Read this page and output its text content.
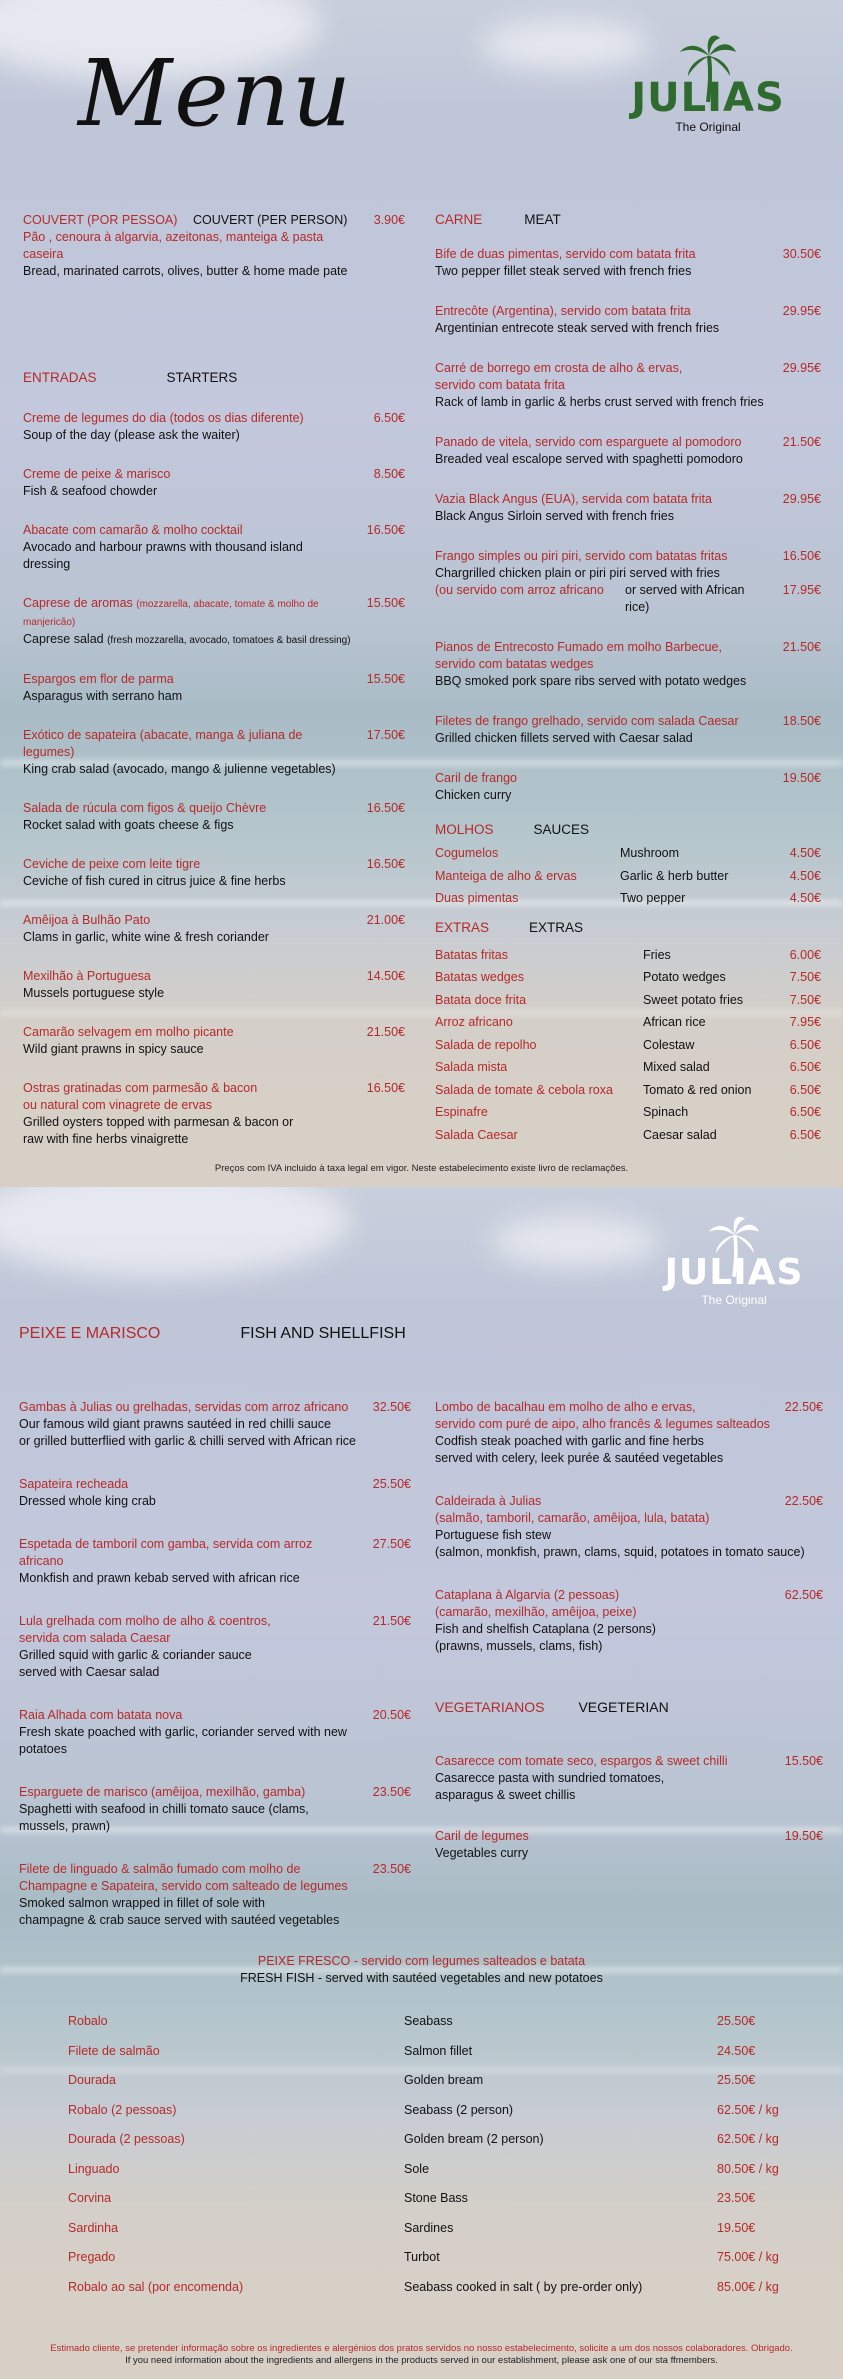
Menu	JULIAS
The Original
COUVERT (POR PESSOA)	COUVERT (PER PERSON)	3.90€
Pão , cenoura à algarvia, azeitonas, manteiga & pasta caseira
Bread, marinated carrots, olives, butter & home made pate
ENTRADAS	STARTERS
Creme de legumes do dia (todos os dias diferente)
Soup of the day (please ask the waiter)
6.50€
Creme de peixe & marisco
Fish & seafood chowder
8.50€
Abacate com camarão & molho cocktail
Avocado and harbour prawns with thousand island dressing
16.50€
Caprese de aromas (mozzarella, abacate, tomate & molho de manjericão)
Caprese salad (fresh mozzarella, avocado, tomatoes & basil dressing)
15.50€
Espargos em flor de parma
Asparagus with serrano ham
15.50€
Exótico de sapateira (abacate, manga & juliana de legumes)
King crab salad (avocado, mango & julienne vegetables)
17.50€
Salada de rúcula com figos & queijo Chèvre
Rocket salad with goats cheese & figs
16.50€
Ceviche de peixe com leite tigre
Ceviche of fish cured in citrus juice & fine herbs
16.50€
Amêijoa à Bulhão Pato
Clams in garlic, white wine & fresh coriander
21.00€
Mexilhão à Portuguesa
Mussels portuguese style
14.50€
Camarão selvagem em molho picante
Wild giant prawns in spicy sauce
21.50€
Ostras gratinadas com parmesão & bacon
ou natural com vinagrete de ervas
Grilled oysters topped with parmesan & bacon or
raw with fine herbs vinaigrette
16.50€
CARNE	MEAT
Bife de duas pimentas, servido com batata frita
Two pepper fillet steak served with french fries
30.50€
Entrecôte (Argentina), servido com batata frita
Argentinian entrecote steak served with french fries
29.95€
Carré de borrego em crosta de alho & ervas,
servido com batata frita
Rack of lamb in garlic & herbs crust served with french fries
29.95€
Panado de vitela, servido com esparguete al pomodoro
Breaded veal escalope served with spaghetti pomodoro
21.50€
Vazia Black Angus (EUA), servida com batata frita
Black Angus Sirloin served with french fries
29.95€
Frango simples ou piri piri, servido com batatas fritas
Chargrilled chicken plain or piri piri served with fries
(ou servido com arroz africano	or served with African rice)
16.50€
17.95€
Pianos de Entrecosto Fumado em molho Barbecue,
servido com batatas wedges
BBQ smoked pork spare ribs served with potato wedges
21.50€
Filetes de frango grelhado, servido com salada Caesar
Grilled chicken fillets served with Caesar salad
18.50€
Caril de frango
Chicken curry
19.50€
MOLHOS	SAUCES
Cogumelos	Mushroom	4.50€
Manteiga de alho & ervas	Garlic & herb butter	4.50€
Duas pimentas	Two pepper	4.50€
EXTRAS	EXTRAS
Batatas fritas	Fries	6.00€
Batatas wedges	Potato wedges	7.50€
Batata doce frita	Sweet potato fries	7.50€
Arroz africano	African rice	7.95€
Salada de repolho	Colestaw	6.50€
Salada mista	Mixed salad	6.50€
Salada de tomate & cebola roxa	Tomato & red onion	6.50€
Espinafre	Spinach	6.50€
Salada Caesar	Caesar salad	6.50€
Preços com IVA incluido à taxa legal em vigor. Neste estabelecimento existe livro de reclamações.
JULIAS
The Original
PEIXE E MARISCO	FISH AND SHELLFISH
Gambas à Julias ou grelhadas, servidas com arroz africano
Our famous wild giant prawns sautéed in red chilli sauce
or grilled butterflied with garlic & chilli served with African rice
32.50€
Sapateira recheada
Dressed whole king crab
25.50€
Espetada de tamboril com gamba, servida com arroz africano
Monkfish and prawn kebab served with african rice
27.50€
Lula grelhada com molho de alho & coentros,
servida com salada Caesar
Grilled squid with garlic & coriander sauce
served with Caesar salad
21.50€
Raia Alhada com batata nova
Fresh skate poached with garlic, coriander served with new potatoes
20.50€
Esparguete de marisco (amêijoa, mexilhão, gamba)
Spaghetti with seafood in chilli tomato sauce (clams, mussels, prawn)
23.50€
Filete de linguado & salmão fumado com molho de
Champagne e Sapateira, servido com salteado de legumes
Smoked salmon wrapped in fillet of sole with
champagne & crab sauce served with sautéed vegetables
23.50€
Lombo de bacalhau em molho de alho e ervas,
servido com puré de aipo, alho francês & legumes salteados
Codfish steak poached with garlic and fine herbs
served with celery, leek purée & sautéed vegetables
22.50€
Caldeirada à Julias
(salmão, tamboril, camarão, amêijoa, lula, batata)
Portuguese fish stew
(salmon, monkfish, prawn, clams, squid, potatoes in tomato sauce)
22.50€
Cataplana à Algarvia (2 pessoas)
(camarão, mexilhão, amêijoa, peixe)
Fish and shelfish Cataplana (2 persons)
(prawns, mussels, clams, fish)
62.50€
VEGETARIANOS VEGETERIAN
Casarecce com tomate seco, espargos & sweet chilli
Casarecce pasta with sundried tomatoes,
asparagus & sweet chillis
15.50€
Caril de legumes
Vegetables curry
19.50€
PEIXE FRESCO - servido com legumes salteados e batata
FRESH FISH - served with sautéed vegetables and new potatoes
Robalo	Seabass	25.50€
Filete de salmão	Salmon fillet	24.50€
Dourada	Golden bream	25.50€
Robalo (2 pessoas)	Seabass (2 person)	62.50€ / kg
Dourada (2 pessoas)	Golden bream (2 person)	62.50€ / kg
Linguado	Sole	80.50€ / kg
Corvina	Stone Bass	23.50€
Sardinha	Sardines	19.50€
Pregado	Turbot	75.00€ / kg
Robalo ao sal (por encomenda)	Seabass cooked in salt ( by pre-order only)	85.00€ / kg
Estimado cliente, se pretender informação sobre os ingredientes e alergénios dos pratos servidos no nosso estabelecimento, solicite a um dos nossos colaboradores. Obrigado.
If you need information about the ingredients and allergens in the products served in our establishment, please ask one of our sta ffmembers.
